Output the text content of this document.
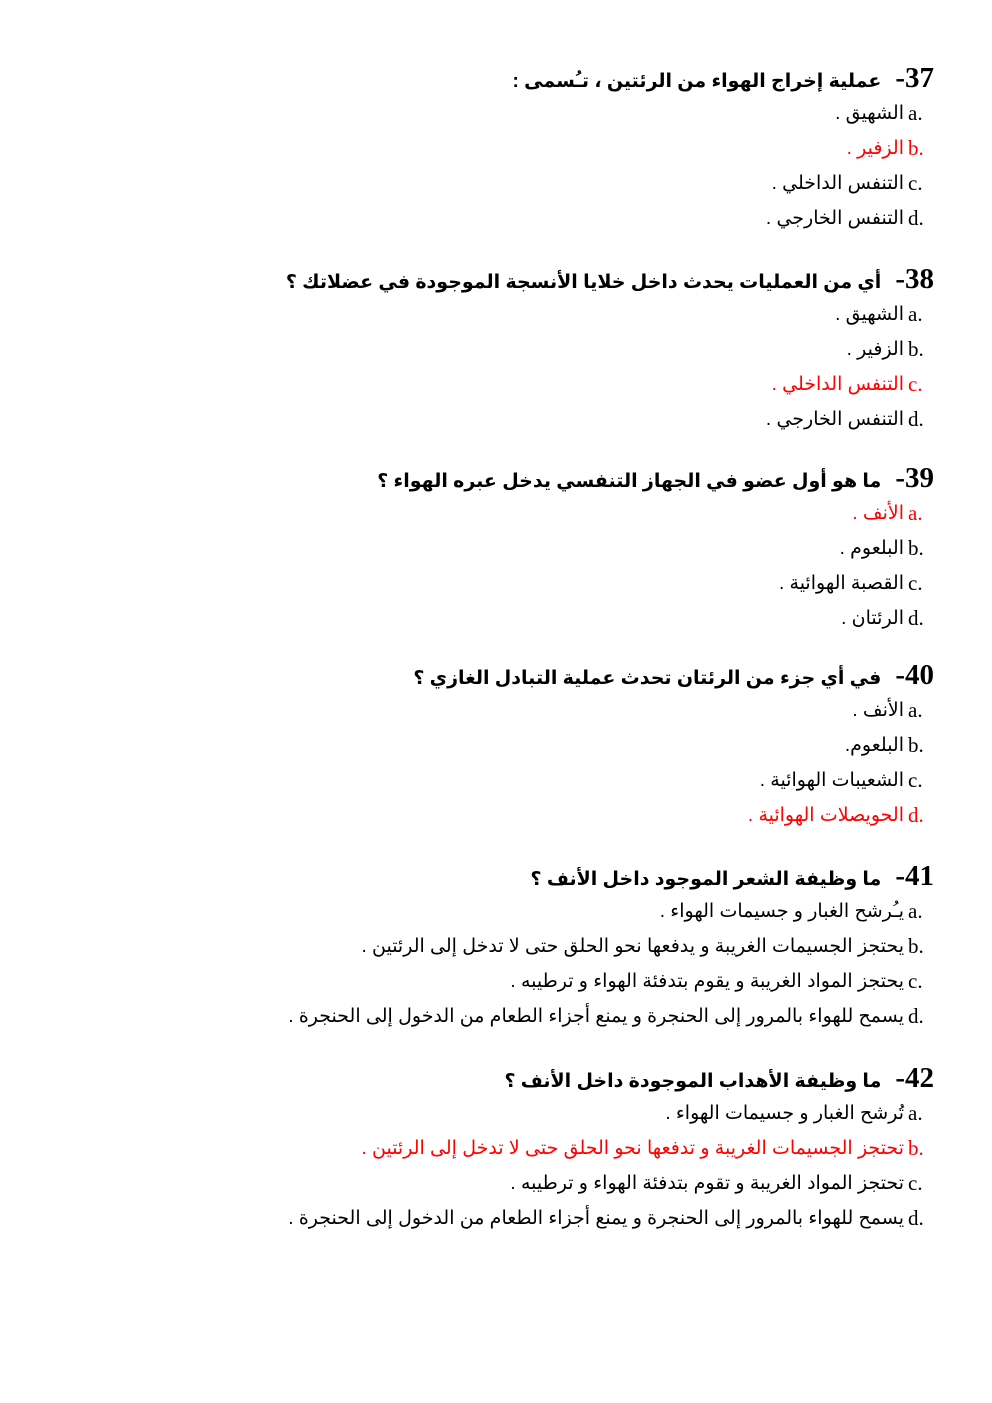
-37 عملية إخراج الهواء من الرئتين ، تـُسمى :
a.
الشهيق .
b.
الزفير .
c.
التنفس الداخلي .
d.
التنفس الخارجي .
-38 أي من العمليات يحدث داخل خلايا الأنسجة الموجودة في عضلاتك ؟
a.
الشهيق .
b.
الزفير .
c.
التنفس الداخلي .
d.
التنفس الخارجي .
-39 ما هو أول عضو في الجهاز التنفسي يدخل عبره الهواء ؟
a.
الأنف .
b.
البلعوم .
c.
القصبة الهوائية .
d.
الرئتان .
-40 في أي جزء من الرئتان تحدث عملية التبادل الغازي ؟
a.
الأنف .
b.
البلعوم.
c.
الشعيبات الهوائية .
d.
الحويصلات الهوائية .
-41 ما وظيفة الشعر الموجود داخل الأنف ؟
a.
يـُرشح الغبار و جسيمات الهواء .
b.
يحتجز الجسيمات الغريبة و يدفعها نحو الحلق حتى لا تدخل إلى الرئتين .
c.
يحتجز المواد الغريبة و يقوم بتدفئة الهواء و ترطيبه .
d.
يسمح للهواء بالمرور إلى الحنجرة و يمنع أجزاء الطعام من الدخول إلى الحنجرة .
-42 ما وظيفة الأهداب الموجودة داخل الأنف ؟
a.
تُرشح الغبار و جسيمات الهواء .
b.
تحتجز الجسيمات الغريبة و تدفعها نحو الحلق حتى لا تدخل إلى الرئتين .
c.
تحتجز المواد الغريبة و تقوم بتدفئة الهواء و ترطيبه .
d.
يسمح للهواء بالمرور إلى الحنجرة و يمنع أجزاء الطعام من الدخول إلى الحنجرة .
